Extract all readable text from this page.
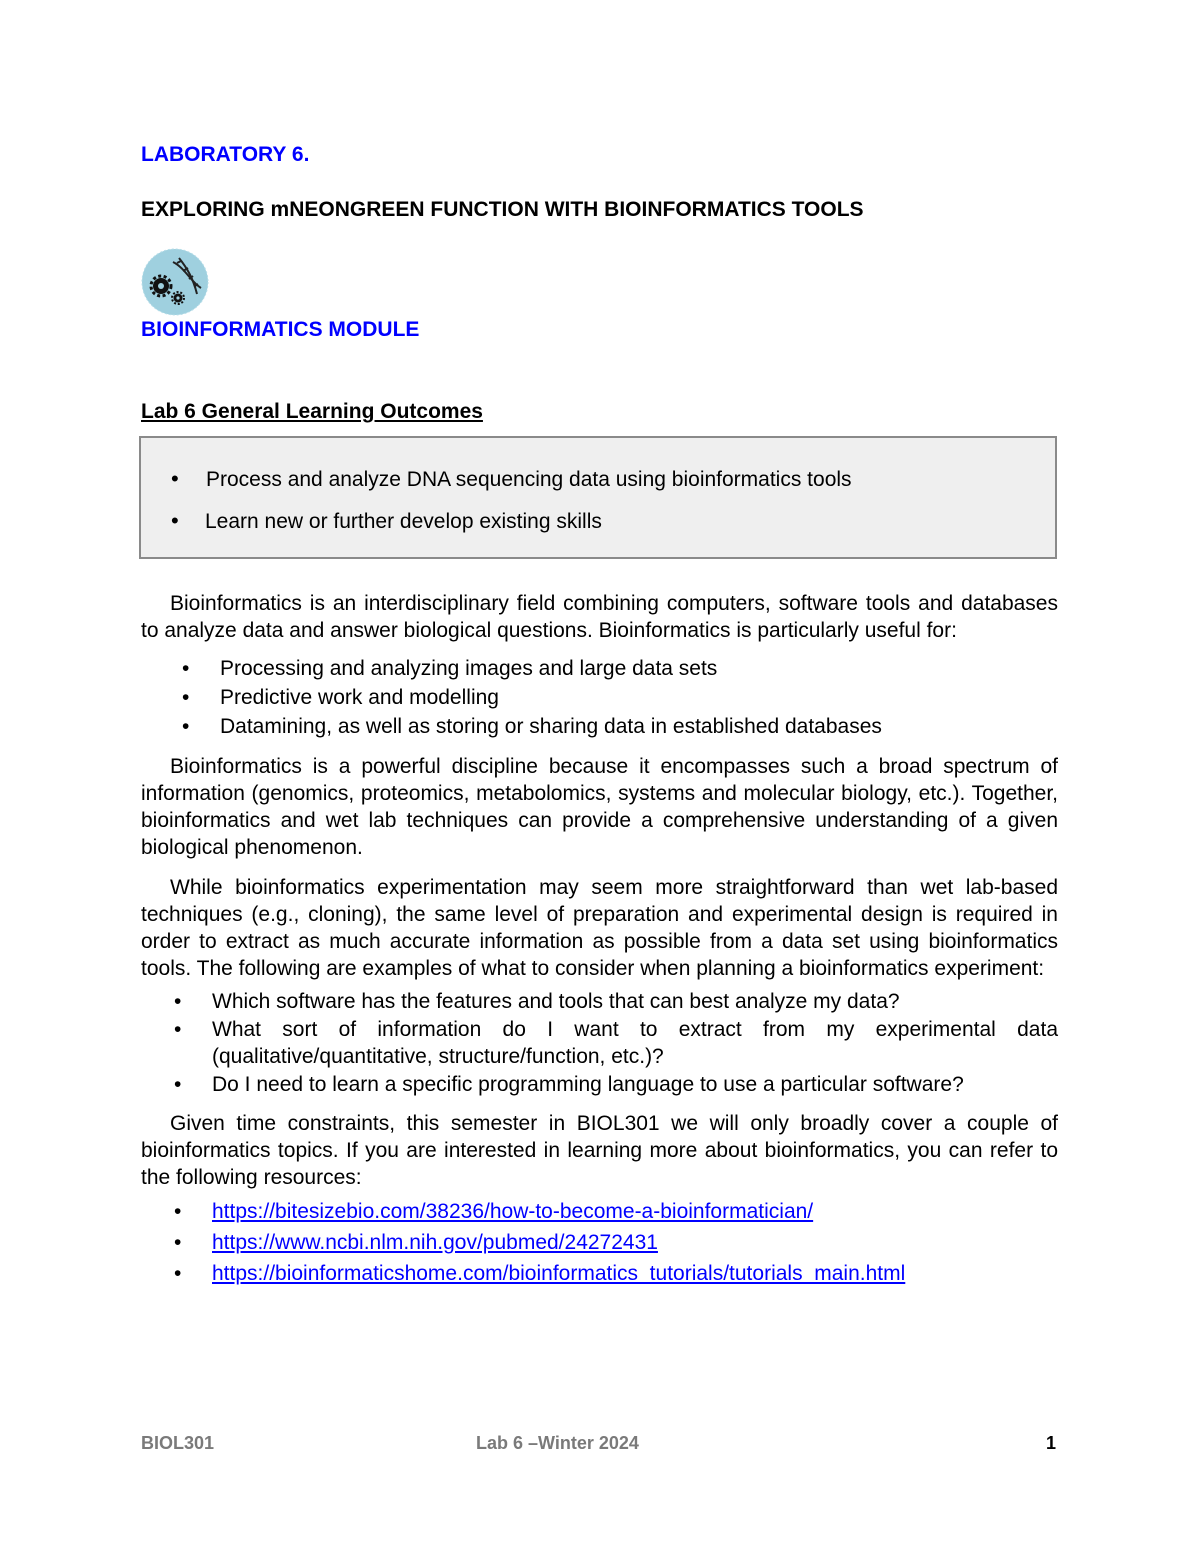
LABORATORY 6.
EXPLORING mNEONGREEN FUNCTION WITH BIOINFORMATICS TOOLS
BIOINFORMATICS MODULE
Lab 6 General Learning Outcomes
• Process and analyze DNA sequencing data using bioinformatics tools
• Learn new or further develop existing skills

Bioinformatics is an interdisciplinary field combining computers, software tools and databases to analyze data and answer biological questions. Bioinformatics is particularly useful for:

• Processing and analyzing images and large data sets
• Predictive work and modelling
• Datamining, as well as storing or sharing data in established databases

Bioinformatics is a powerful discipline because it encompasses such a broad spectrum of information (genomics, proteomics, metabolomics, systems and molecular biology, etc.). Together, bioinformatics and wet lab techniques can provide a comprehensive understanding of a given biological phenomenon.

While bioinformatics experimentation may seem more straightforward than wet lab-based techniques (e.g., cloning), the same level of preparation and experimental design is required in order to extract as much accurate information as possible from a data set using bioinformatics tools. The following are examples of what to consider when planning a bioinformatics experiment:

• Which software has the features and tools that can best analyze my data?
• What sort of information do I want to extract from my experimental data (qualitative/quantitative, structure/function, etc.)?
• Do I need to learn a specific programming language to use a particular software?

Given time constraints, this semester in BIOL301 we will only broadly cover a couple of bioinformatics topics. If you are interested in learning more about bioinformatics, you can refer to the following resources:

• https://bitesizebio.com/38236/how-to-become-a-bioinformatician/
• https://www.ncbi.nlm.nih.gov/pubmed/24272431
• https://bioinformaticshome.com/bioinformatics_tutorials/tutorials_main.html
BIOL301	Lab 6 –Winter 2024	1
